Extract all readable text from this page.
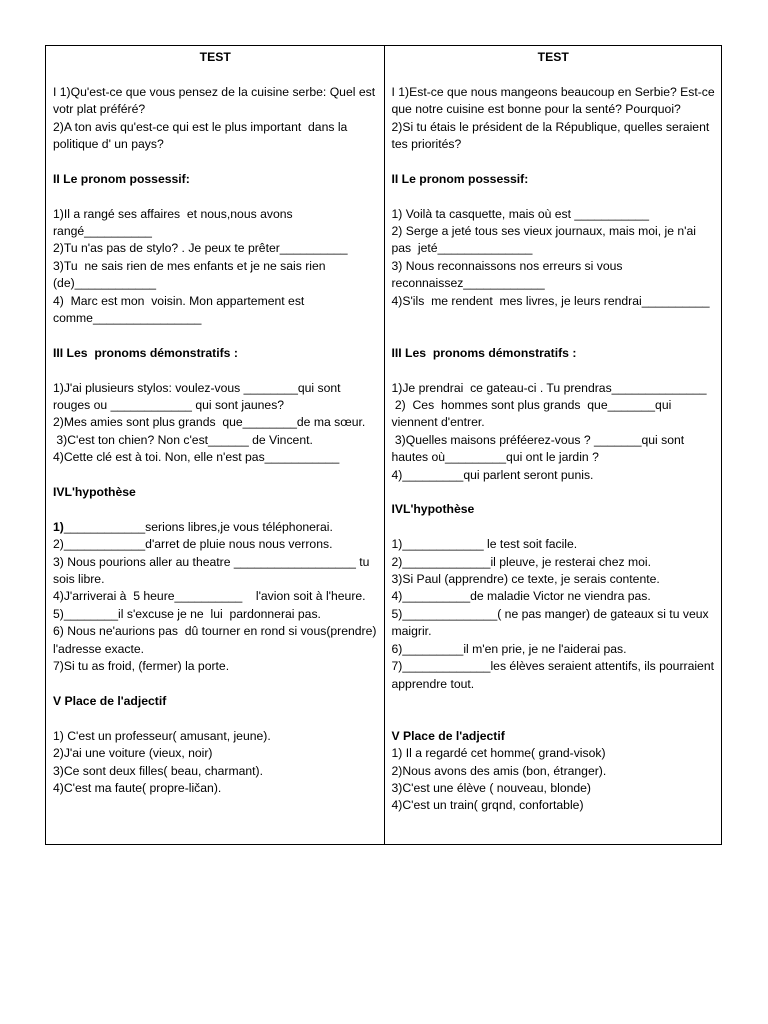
TEST
I 1)Qu'est-ce que vous pensez de la cuisine serbe: Quel est votr plat préféré?
2)A ton avis qu'est-ce qui est le plus important  dans la politique d' un pays?
II Le pronom possessif:
1)Il a rangé ses affaires  et nous,nous avons rangé__________
2)Tu n'as pas de stylo? . Je peux te prêter__________
3)Tu  ne sais rien de mes enfants et je ne sais rien (de)____________
4)  Marc est mon  voisin. Mon appartement est comme________________
III Les  pronoms démonstratifs :
1)J'ai plusieurs stylos: voulez-vous ________qui sont rouges ou ____________ qui sont jaunes?
2)Mes amies sont plus grands  que________de ma sœur.
3)C'est ton chien? Non c'est______ de Vincent.
4)Cette clé est à toi. Non, elle n'est pas___________
IVL'hypothèse
1)____________serions libres,je vous téléphonerai.
2)____________d'arret de pluie nous nous verrons.
3) Nous pourions aller au theatre __________________ tu sois libre.
4)J'arriverai à  5 heure__________    l'avion soit à l'heure.
5)________il s'excuse je ne  lui  pardonnerai pas.
6) Nous ne'aurions pas  dû tourner en rond si vous(prendre) l'adresse exacte.
7)Si tu as froid, (fermer) la porte.
V Place de l'adjectif
1) C'est un professeur( amusant, jeune).
2)J'ai une voiture (vieux, noir)
3)Ce sont deux filles( beau, charmant).
4)C'est ma faute( propre-ličan).
TEST
I 1)Est-ce que nous mangeons beaucoup en Serbie? Est-ce que notre cuisine est bonne pour la senté? Pourquoi?
2)Si tu étais le président de la République, quelles seraient tes priorités?
II Le pronom possessif:
1) Voilà ta casquette, mais où est ___________
2) Serge a jeté tous ses vieux journaux, mais moi, je n'ai pas  jeté______________
3) Nous reconnaissons nos erreurs si vous reconnaissez____________
4)S'ils  me rendent  mes livres, je leurs rendrai__________
III Les  pronoms démonstratifs :
1)Je prendrai  ce gateau-ci . Tu prendras______________
2)  Ces  hommes sont plus grands  que_______qui viennent d'entrer.
3)Quelles maisons préféerez-vous ? _______qui sont hautes où_________qui ont le jardin ?
4)_________qui parlent seront punis.
IVL'hypothèse
1)____________ le test soit facile.
2)_____________il pleuve, je resterai chez moi.
3)Si Paul (apprendre) ce texte, je serais contente.
4)__________de maladie Victor ne viendra pas.
5)______________( ne pas manger) de gateaux si tu veux maigrir.
6)_________il m'en prie, je ne l'aiderai pas.
7)_____________les élèves seraient attentifs, ils pourraient apprendre tout.
V Place de l'adjectif
1) Il a regardé cet homme( grand-visok)
2)Nous avons des amis (bon, étranger).
3)C'est une élève ( nouveau, blonde)
4)C'est un train( grqnd, confortable)
